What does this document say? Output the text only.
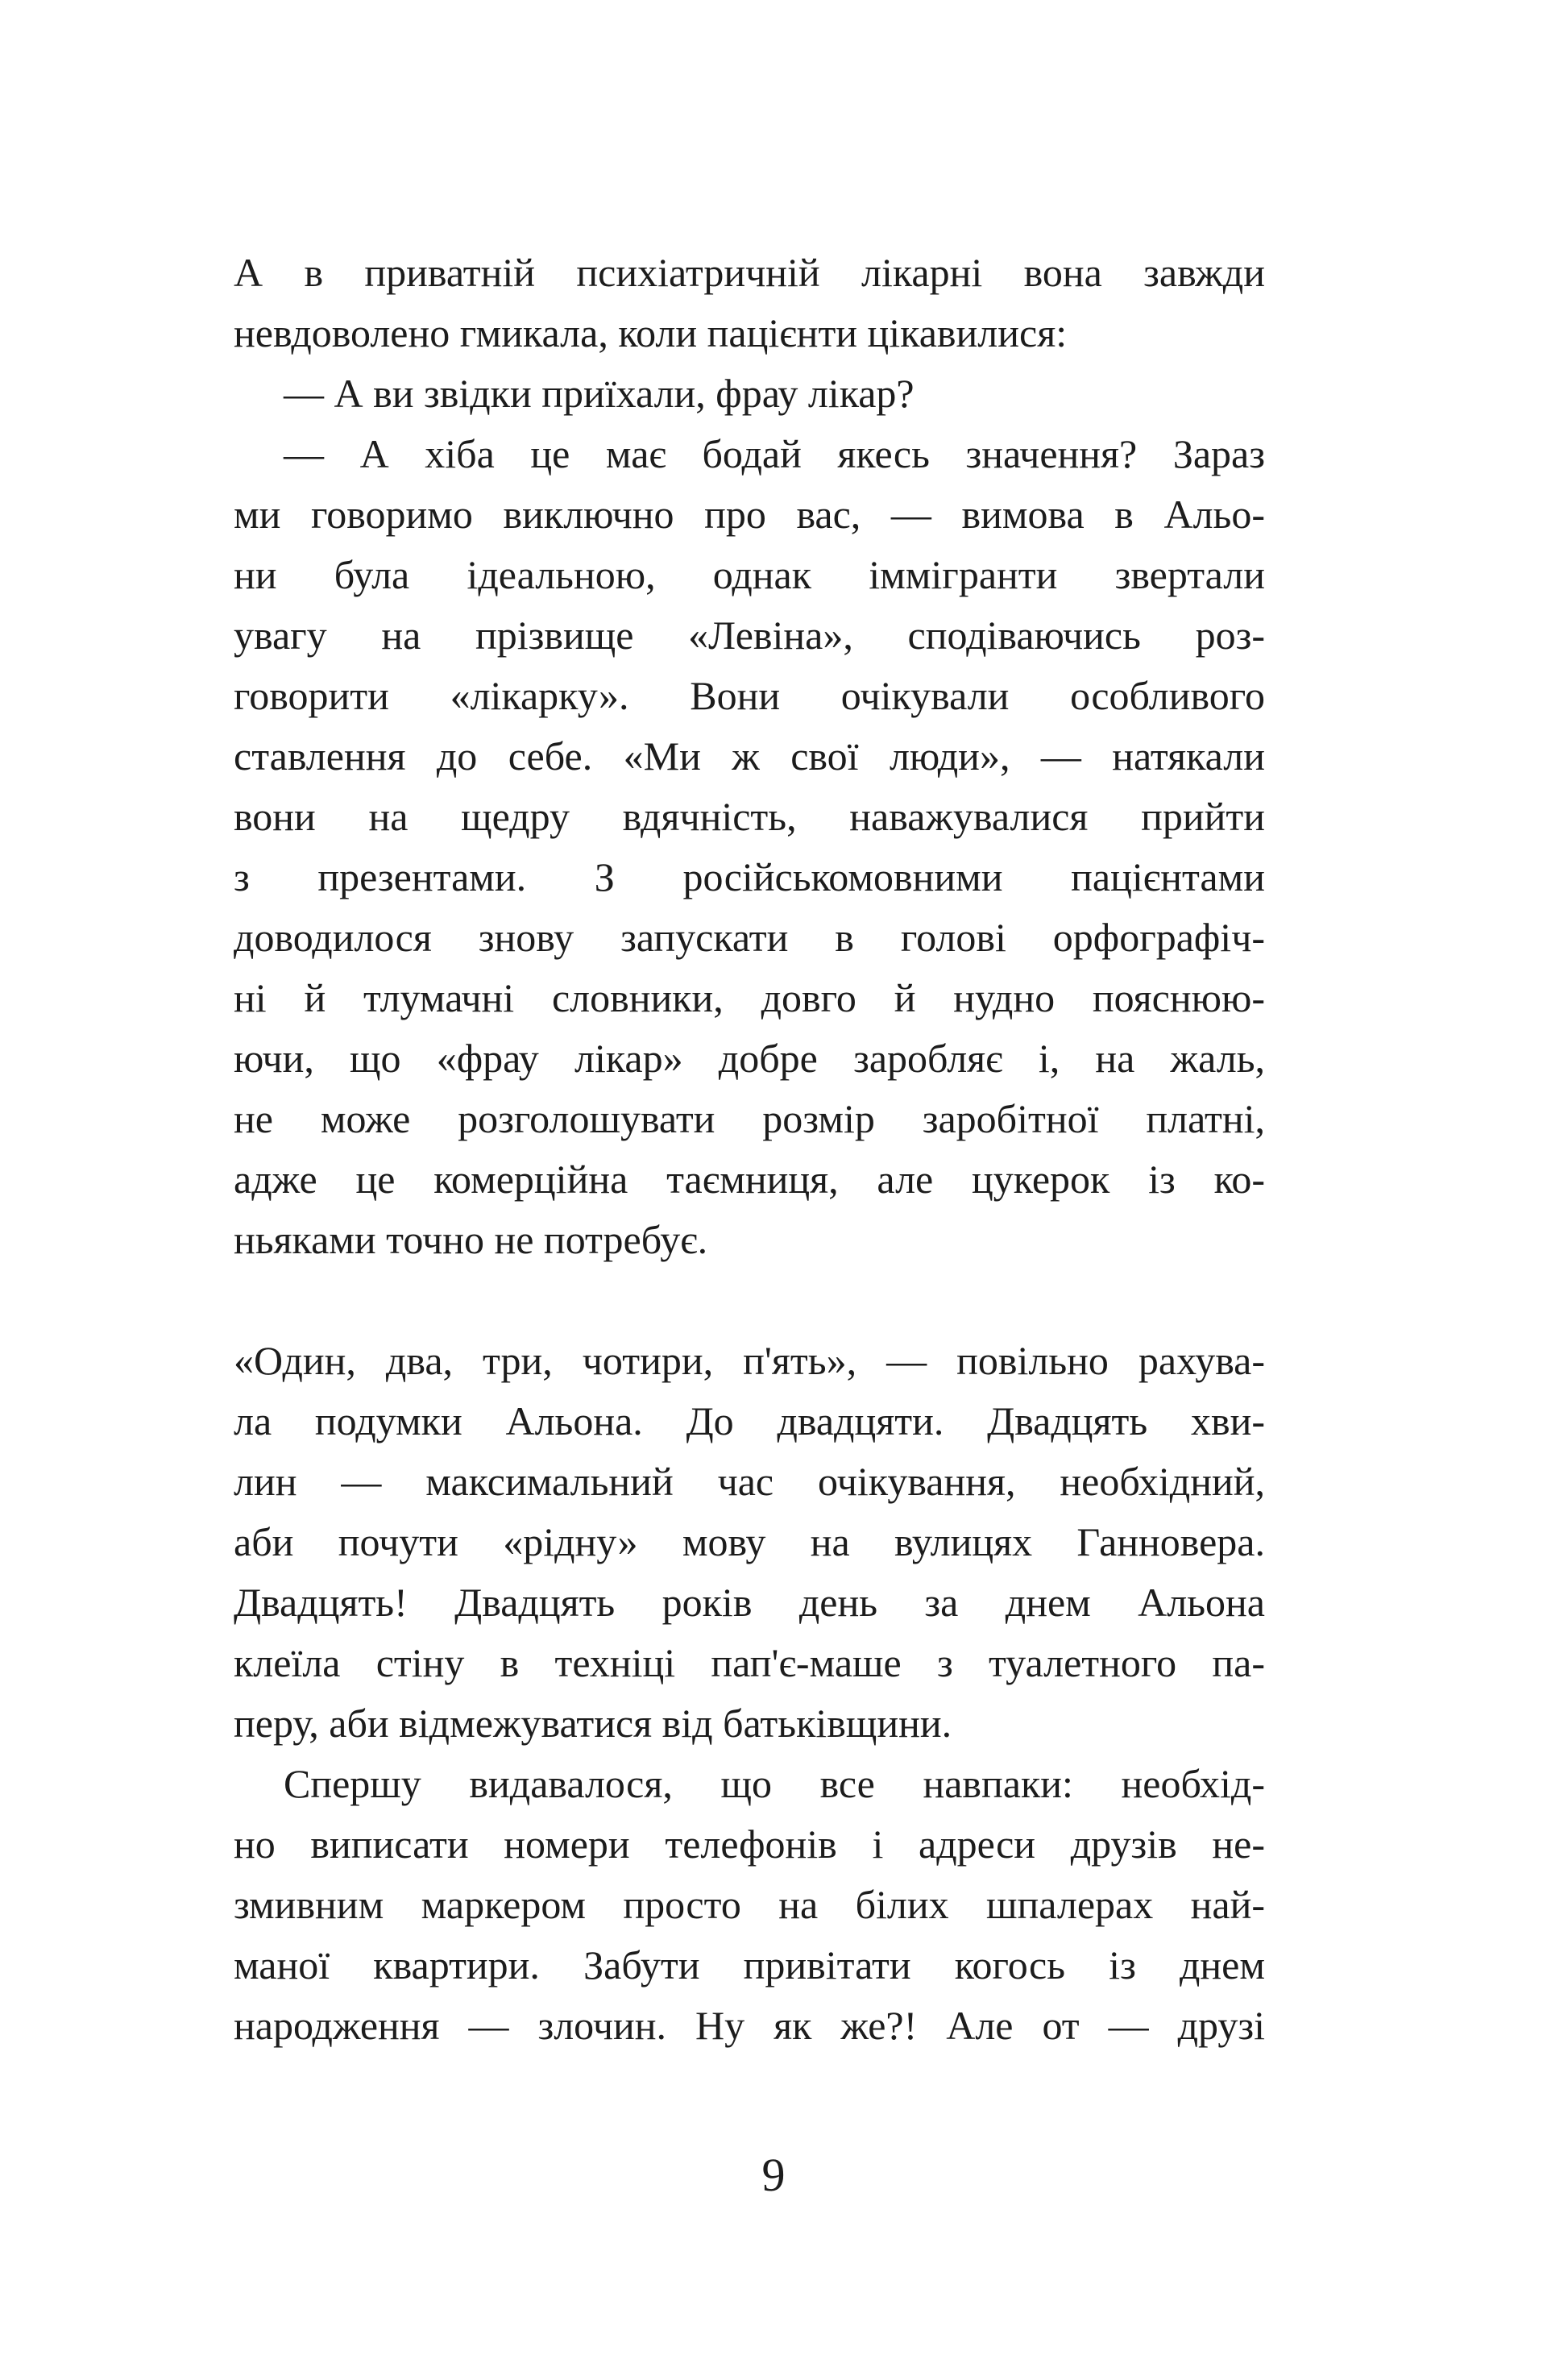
А в приватній психіатричній лікарні вона завжди
невдоволено гмикала, коли пацієнти цікавилися:
— А ви звідки приїхали, фрау лікар?
— А хіба це має бодай якесь значення? Зараз
ми говоримо виключно про вас, — вимова в Альо-
ни була ідеальною, однак іммігранти звертали
увагу на прізвище «Левіна», сподіваючись роз-
говорити «лікарку». Вони очікували особливого
ставлення до себе. «Ми ж свої люди», — натякали
вони на щедру вдячність, наважувалися прийти
з презентами. З російськомовними пацієнтами
доводилося знову запускати в голові орфографіч-
ні й тлумачні словники, довго й нудно пояснюю-
ючи, що «фрау лікар» добре заробляє і, на жаль,
не може розголошувати розмір заробітної платні,
адже це комерційна таємниця, але цукерок із ко-
ньяками точно не потребує.
«Один, два, три, чотири, п'ять», — повільно рахува-
ла подумки Альона. До двадцяти. Двадцять хви-
лин — максимальний час очікування, необхідний,
аби почути «рідну» мову на вулицях Ганновера.
Двадцять! Двадцять років день за днем Альона
клеїла стіну в техніці пап'є-маше з туалетного па-
перу, аби відмежуватися від батьківщини.
Спершу видавалося, що все навпаки: необхід-
но виписати номери телефонів і адреси друзів не-
змивним маркером просто на білих шпалерах най-
маної квартири. Забути привітати когось із днем
народження — злочин. Ну як же?! Але от — друзі
9
